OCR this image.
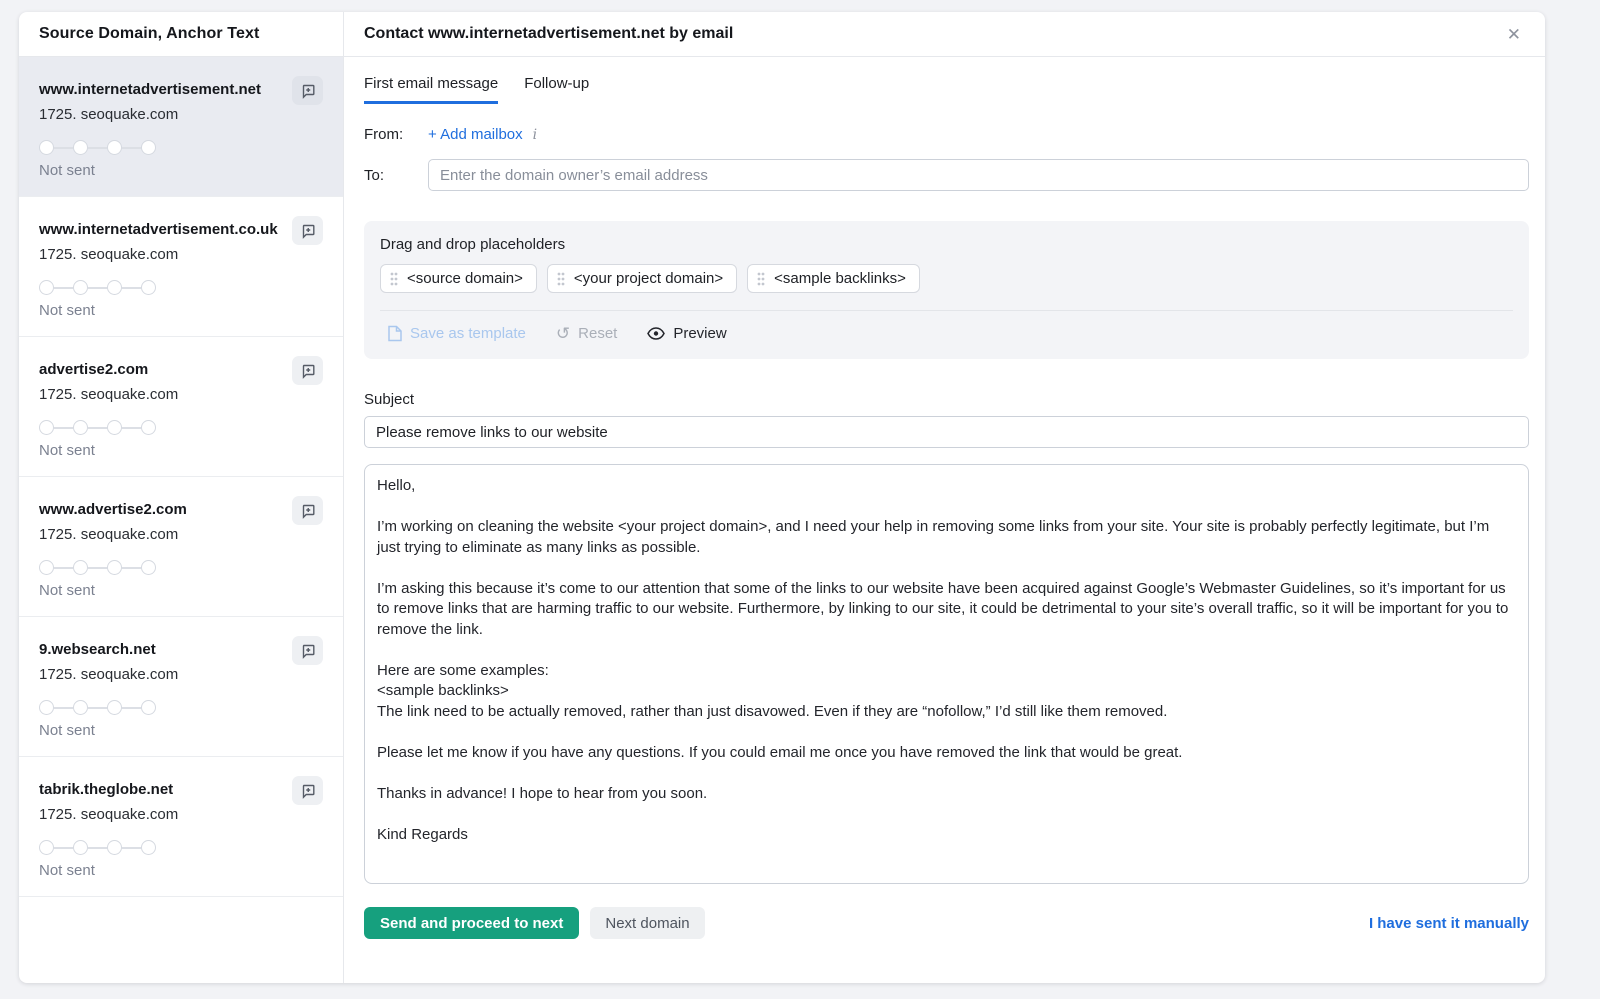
Source Domain, Anchor Text
www.internetadvertisement.net
1725. seoquake.com
Not sent
www.internetadvertisement.co.uk
1725. seoquake.com
Not sent
advertise2.com
1725. seoquake.com
Not sent
www.advertise2.com
1725. seoquake.com
Not sent
9.websearch.net
1725. seoquake.com
Not sent
tabrik.theglobe.net
1725. seoquake.com
Not sent
Contact www.internetadvertisement.net by email	✕
First email message Follow-up
From:	+ Add mailbox i
To:
Enter the domain owner’s email address
Drag and drop placeholders
<source domain>	<your project domain>	<sample backlinks>
Save as template ↺ Reset	Preview
Subject
Please remove links to our website Hello, I’m working on cleaning the website <your project domain>, and I need your help in removing some links from your site. Your site is probably perfectly legitimate, but I’m just trying to eliminate as many links as possible. I’m asking this because it’s come to our attention that some of the links to our website have been acquired against Google’s Webmaster Guidelines, so it’s important for us to remove links that are harming traffic to our website. Furthermore, by linking to our site, it could be detrimental to your site’s overall traffic, so it will be important for you to remove the link. Here are some examples: <sample backlinks> The link need to be actually removed, rather than just disavowed. Even if they are “nofollow,” I’d still like them removed. Please let me know if you have any questions. If you could email me once you have removed the link that would be great. Thanks in advance! I hope to hear from you soon. Kind Regards
Send and proceed to next	Next domain	I have sent it manually
